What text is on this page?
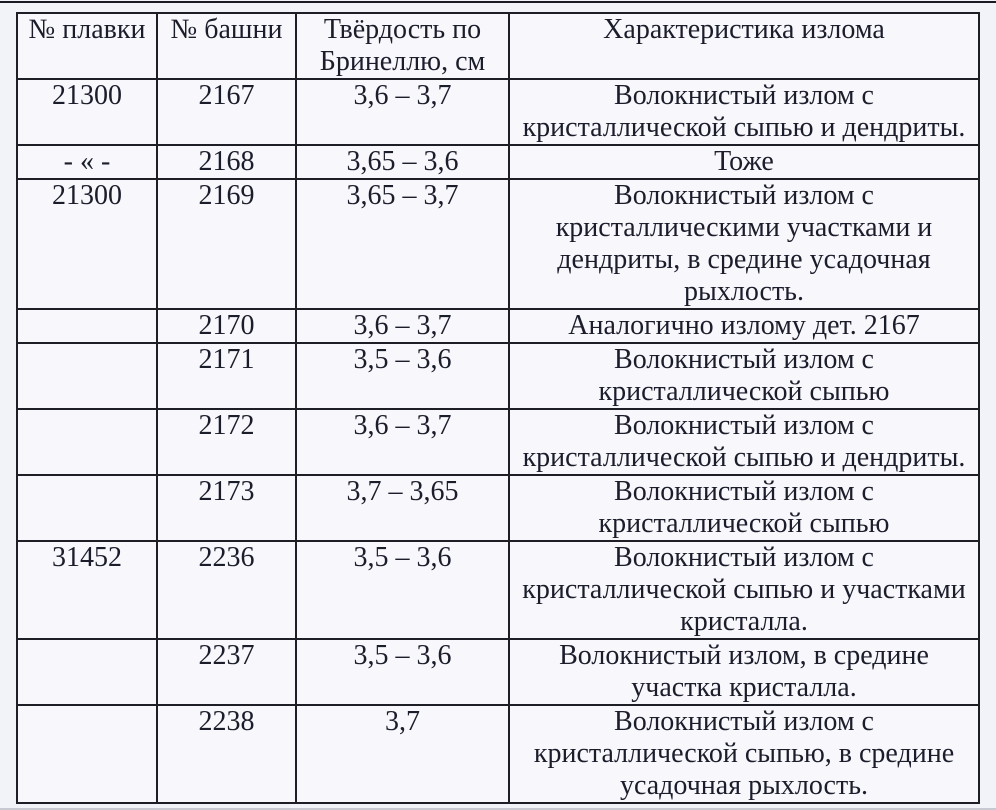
№ плавки	№ башни	Твёрдость по Бринеллю, см	Характеристика излома
21300	2167	3,6 – 3,7	Волокнистый излом с кристаллической сыпью и дендриты.
- « -	2168	3,65 – 3,6	Тоже
21300	2169	3,65 – 3,7	Волокнистый излом с кристаллическими участками и дендриты, в средине усадочная рыхлость.
	2170	3,6 – 3,7	Аналогично излому дет. 2167
	2171	3,5 – 3,6	Волокнистый излом с кристаллической сыпью
	2172	3,6 – 3,7	Волокнистый излом с кристаллической сыпью и дендриты.
	2173	3,7 – 3,65	Волокнистый излом с кристаллической сыпью
31452	2236	3,5 – 3,6	Волокнистый излом с кристаллической сыпью и участками кристалла.
	2237	3,5 – 3,6	Волокнистый излом, в средине участка кристалла.
	2238	3,7	Волокнистый излом с кристаллической сыпью, в средине усадочная рыхлость.
